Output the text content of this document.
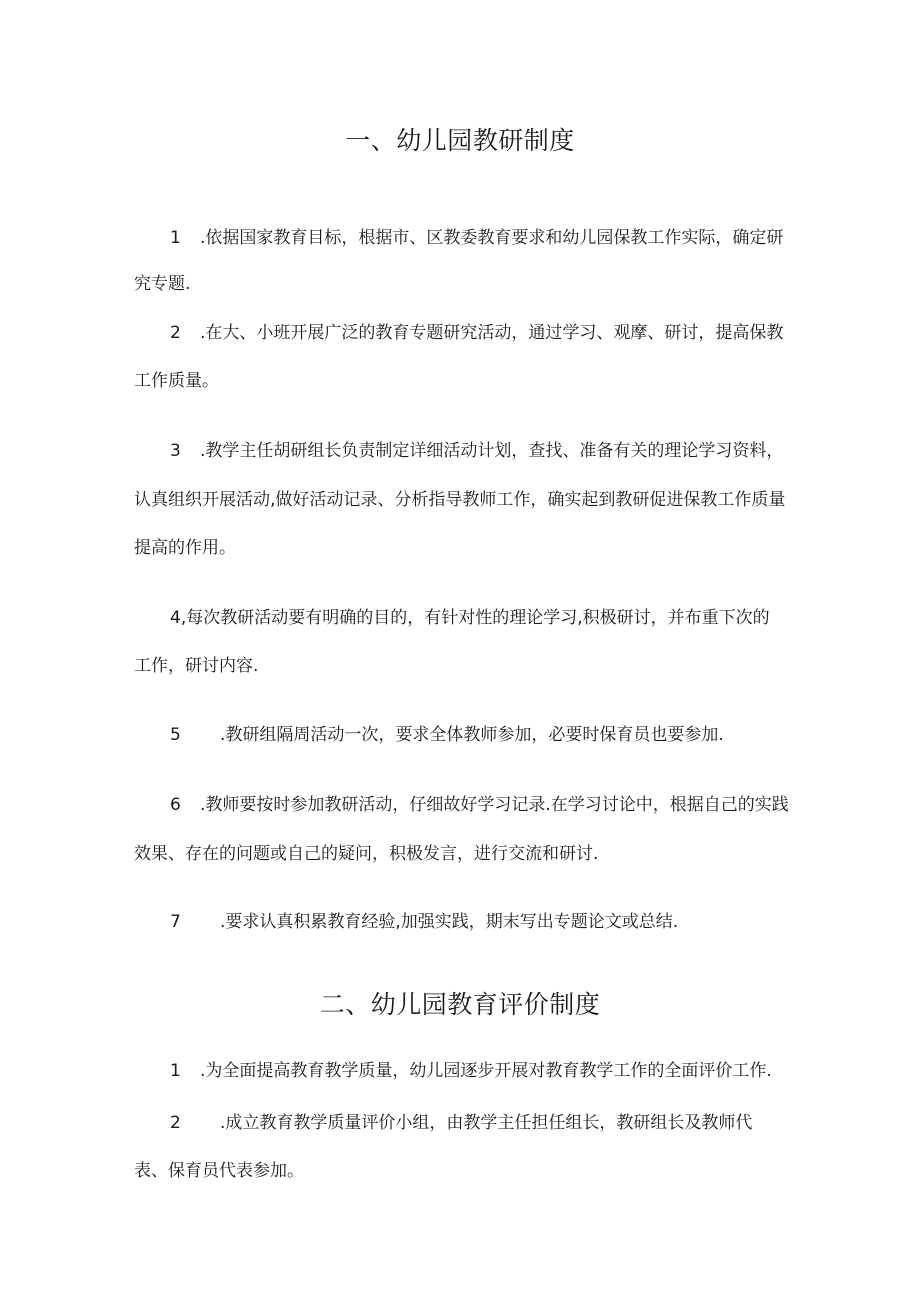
一、幼儿园教研制度
1 .依据国家教育目标，根据市、区教委教育要求和幼儿园保教工作实际，确定研
究专题.
2 .在大、小班开展广泛的教育专题研究活动，通过学习、观摩、研讨，提高保教
工作质量。
3 .教学主任胡研组长负责制定详细活动计划，查找、准备有关的理论学习资料，
认真组织开展活动,做好活动记录、分析指导教师工作，确实起到教研促进保教工作质量
提高的作用。
4,每次教研活动要有明确的目的，有针对性的理论学习,积极研讨，并布重下次的
工作，研讨内容.
5 .教研组隔周活动一次，要求全体教师参加，必要时保育员也要参加.
6 .教师要按时参加教研活动，仔细故好学习记录.在学习讨论中，根据自己的实践
效果、存在的问题或自己的疑问，积极发言，进行交流和研讨.
7 .要求认真积累教育经验,加强实践，期末写出专题论文或总结.
二、幼儿园教育评价制度
1 .为全面提高教育教学质量，幼儿园逐步开展对教育教学工作的全面评价工作.
2 .成立教育教学质量评价小组，由教学主任担任组长，教研组长及教师代
表、保育员代表参加。
